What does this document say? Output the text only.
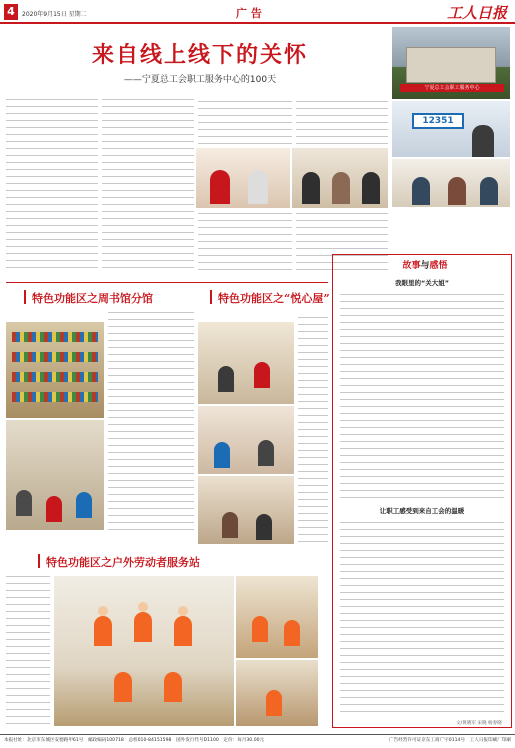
4	2020年9月15日 星期二	广 告	工人日报
来自线上线下的关怀
——宁夏总工会职工服务中心的100天
宁夏总工会职工服务中心
12351
特色功能区之周书馆分馆	特色功能区之“悦心屋”
特色功能区之户外劳动者服务站
故事与感悟
我眼里的“关大姐”
让职工感受到来自工会的温暖
文/黄晓军 宋晓 杨春晓
本报社址：北京市东城区安德路甲61号　邮政编码100718　总机010-84151598　国外发行代号D1100　定价：每月30.00元	广告经营许可证京东工商广字0114号　工人日报印刷厂印刷
